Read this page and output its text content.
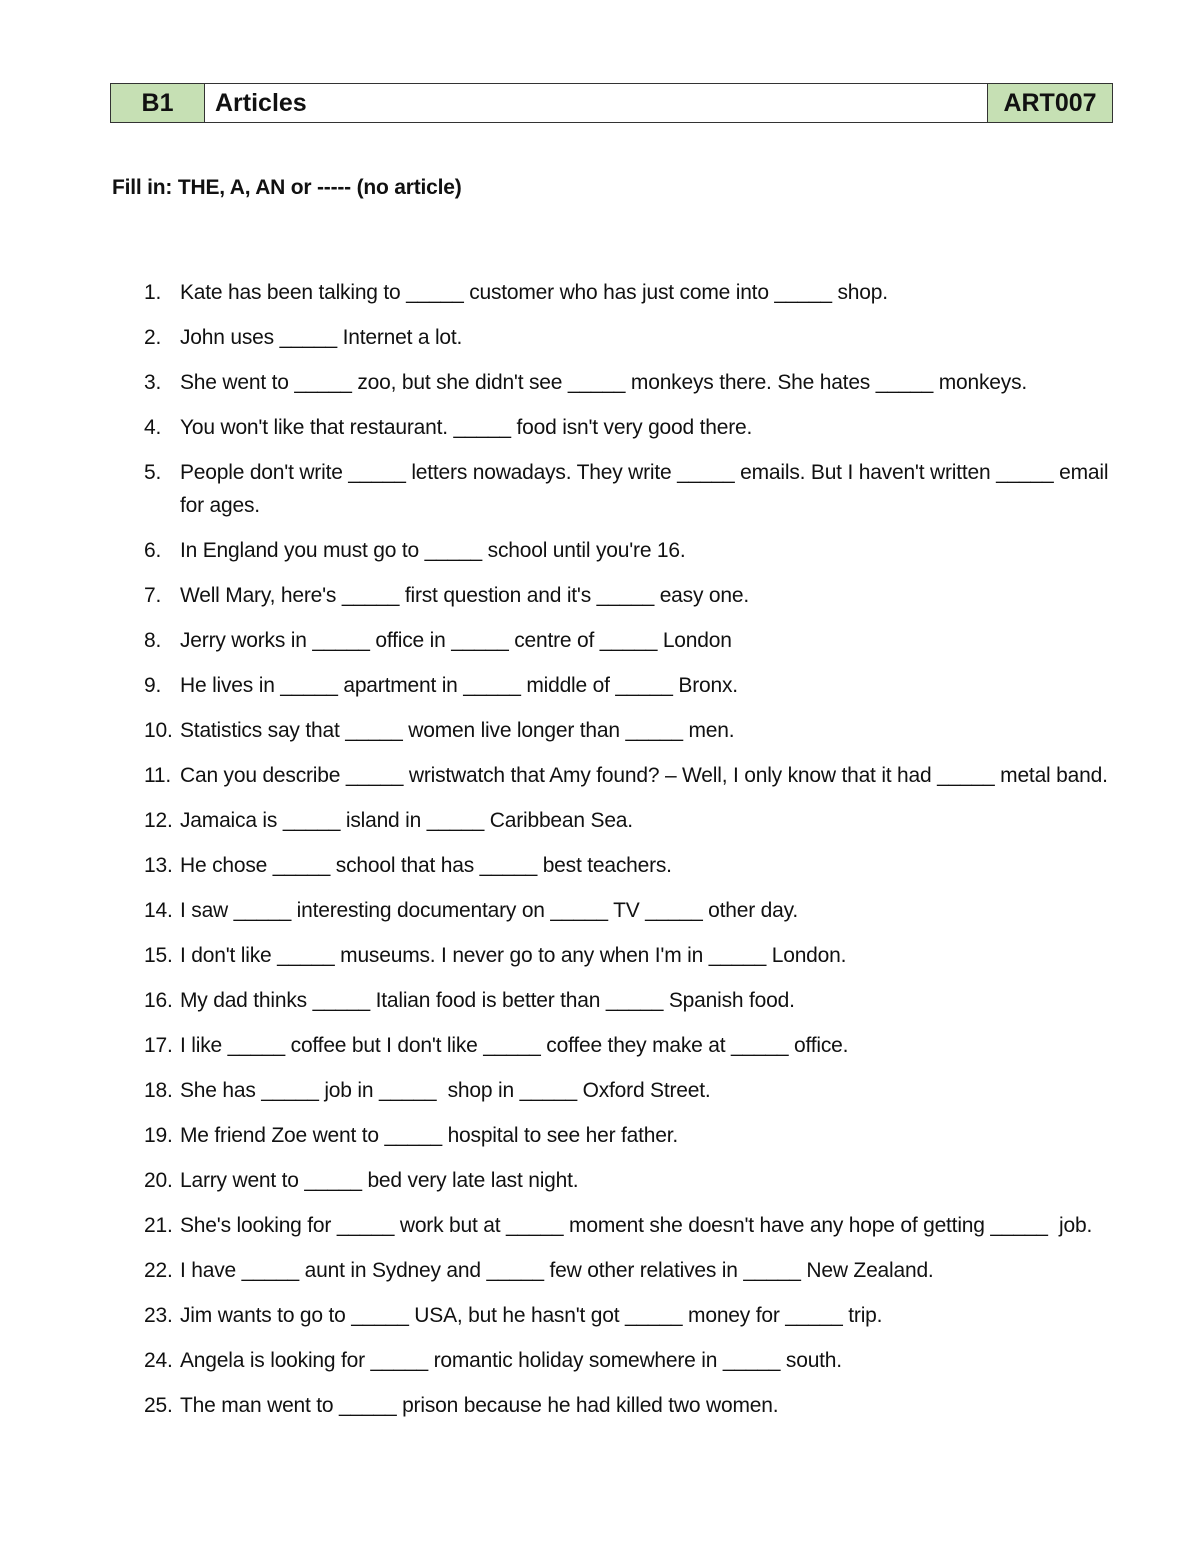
B1	Articles	ART007
Fill in: THE, A, AN or ----- (no article)
1. Kate has been talking to _____ customer who has just come into _____ shop.
2. John uses _____ Internet a lot.
3. She went to _____ zoo, but she didn't see _____ monkeys there. She hates _____ monkeys.
4. You won't like that restaurant. _____ food isn't very good there.
5. People don't write _____ letters nowadays. They write _____ emails. But I haven't written _____ email for ages.
6. In England you must go to _____ school until you're 16.
7. Well Mary, here's _____ first question and it's _____ easy one.
8. Jerry works in _____ office in _____ centre of _____ London
9. He lives in _____ apartment in _____ middle of _____ Bronx.
10. Statistics say that _____ women live longer than _____ men.
11. Can you describe _____ wristwatch that Amy found? – Well, I only know that it had _____ metal band.
12. Jamaica is _____ island in _____ Caribbean Sea.
13. He chose _____ school that has _____ best teachers.
14. I saw _____ interesting documentary on _____ TV _____ other day.
15. I don't like _____ museums. I never go to any when I'm in _____ London.
16. My dad thinks _____ Italian food is better than _____ Spanish food.
17. I like _____ coffee but I don't like _____ coffee they make at _____ office.
18. She has _____ job in _____  shop in _____ Oxford Street.
19. Me friend Zoe went to _____ hospital to see her father.
20. Larry went to _____ bed very late last night.
21. She's looking for _____ work but at _____ moment she doesn't have any hope of getting _____  job.
22. I have _____ aunt in Sydney and _____ few other relatives in _____ New Zealand.
23. Jim wants to go to _____ USA, but he hasn't got _____ money for _____ trip.
24. Angela is looking for _____ romantic holiday somewhere in _____ south.
25. The man went to _____ prison because he had killed two women.
